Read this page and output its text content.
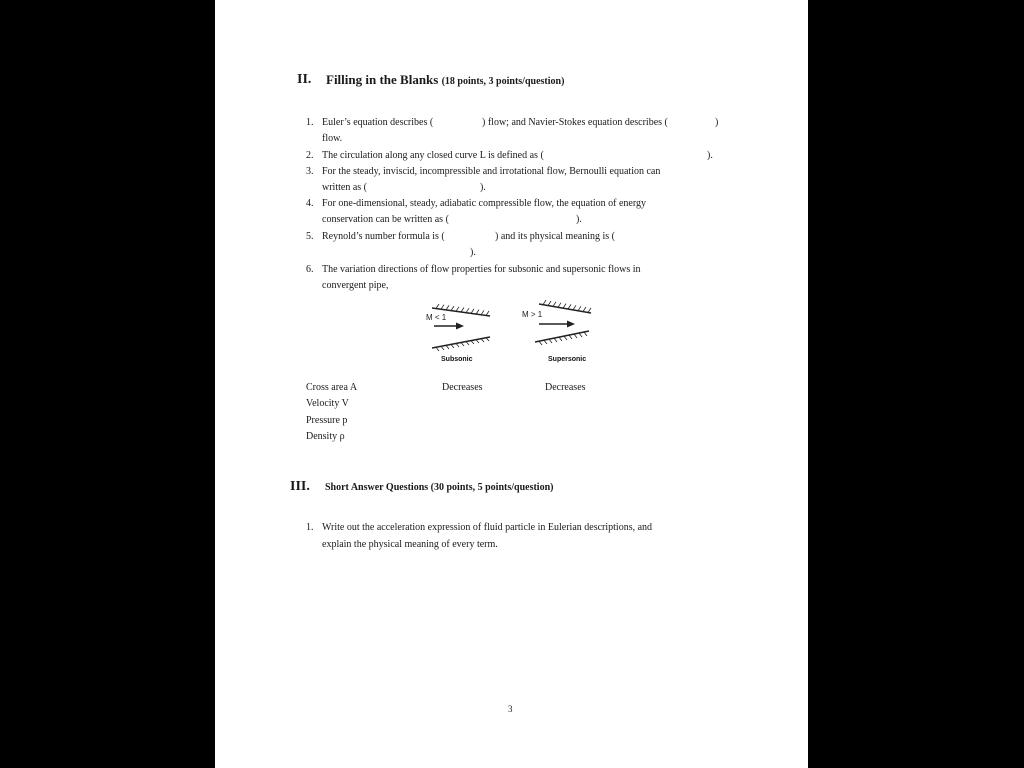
II. Filling in the Blanks (18 points, 3 points/question)
1. Euler’s equation describes (	) flow; and Navier-Stokes equation describes (	)
flow.
2. The circulation along any closed curve L is defined as (	).
3. For the steady, inviscid, incompressible and irrotational flow, Bernoulli equation can
written as (	).
4. For one-dimensional, steady, adiabatic compressible flow, the equation of energy
conservation can be written as (	).
5. Reynold’s number formula is (	) and its physical meaning is (
).
6. The variation directions of flow properties for subsonic and supersonic flows in
convergent pipe,
M < 1
Subsonic
M > 1
Supersonic
Cross area A	Decreases	Decreases
Velocity V
Pressure p
Density ρ
III. Short Answer Questions (30 points, 5 points/question)
1. Write out the acceleration expression of fluid particle in Eulerian descriptions, and
explain the physical meaning of every term.
3
